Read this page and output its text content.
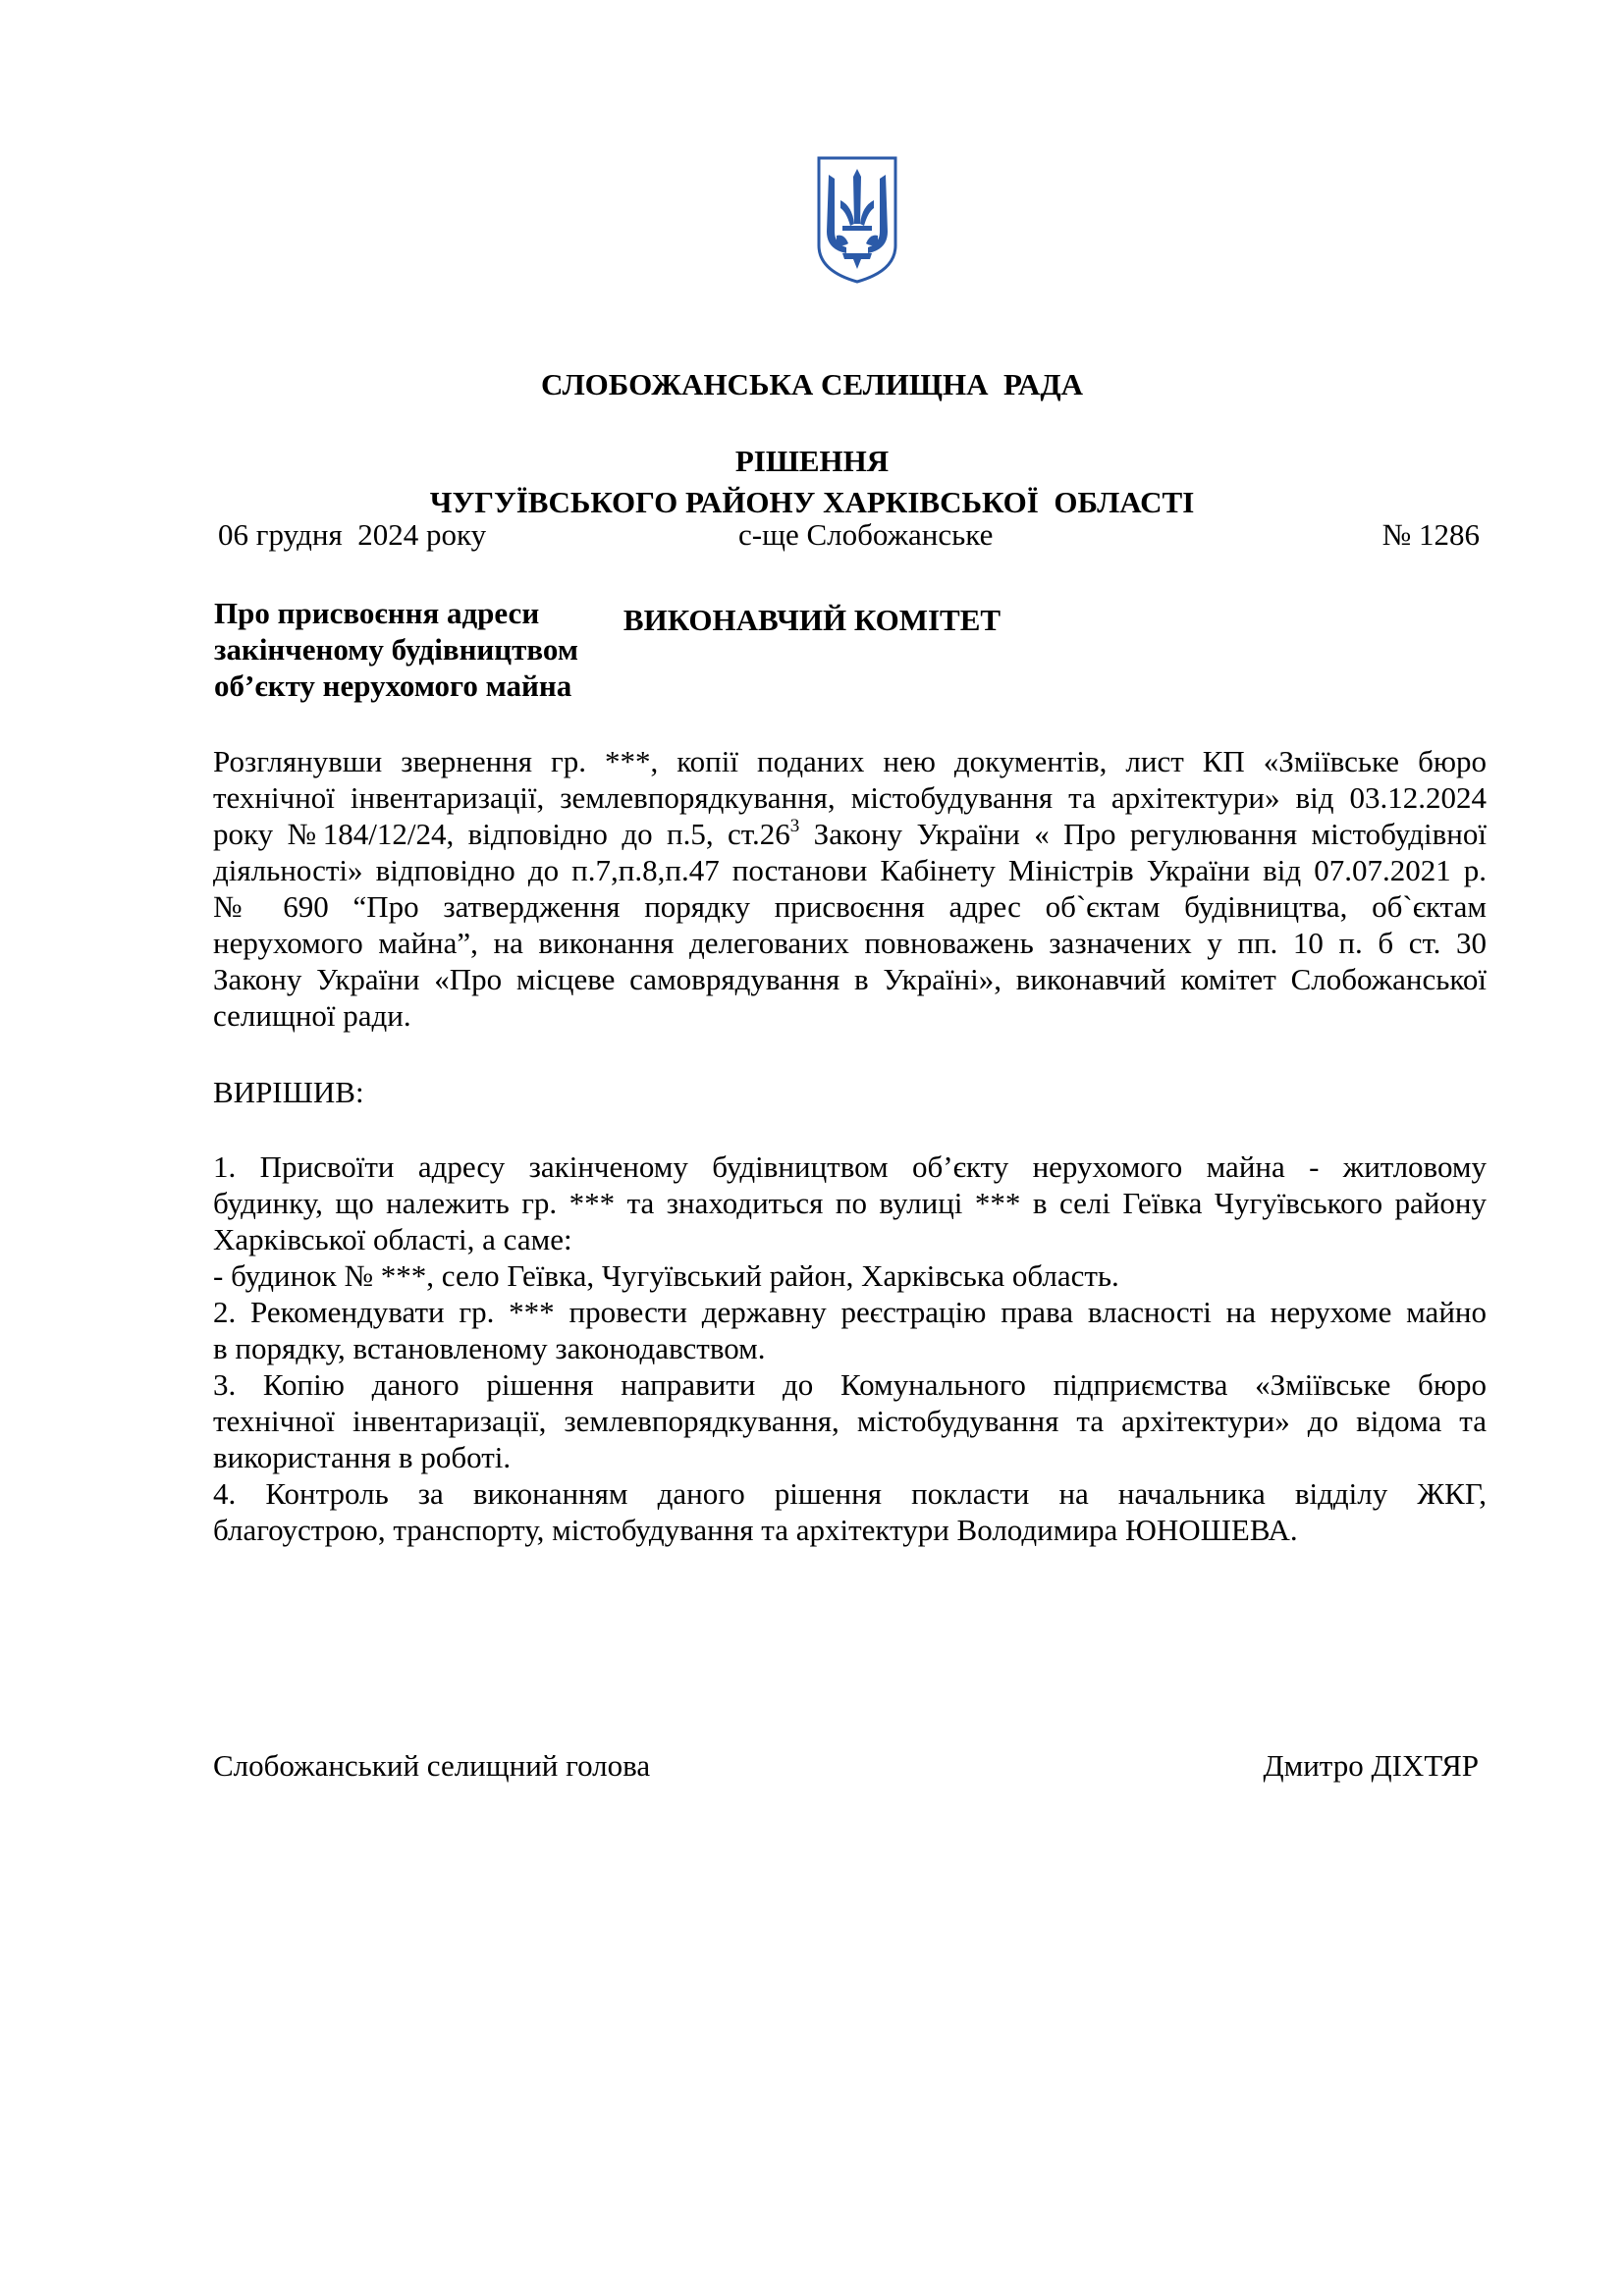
СЛОБОЖАНСЬКА СЕЛИЩНА  РАДА

ЧУГУЇВСЬКОГО РАЙОНУ ХАРКІВСЬКОЇ  ОБЛАСТІ

ВИКОНАВЧИЙ КОМІТЕТ

РІШЕННЯ
06 грудня  2024 року	с-ще Слобожанське	№ 1286
Про присвоєння адреси
закінченому будівництвом
об’єкту нерухомого майна
Розглянувши звернення гр. ***, копії поданих нею документів, лист КП «Зміївське бюро
технічної інвентаризації, землевпорядкування, містобудування та архітектури» від 03.12.2024
року №184/12/24, відповідно до п.5, $ст.26^3$ Закону України « Про регулювання містобудівної
діяльності» відповідно до п.7,п.8,п.47 постанови Кабінету Міністрів України від 07.07.2021 р.
№ 690 “Про затвердження порядку присвоєння адрес об`єктам будівництва, об`єктам
нерухомого майна”, на виконання делегованих повноважень зазначених у пп. 10 п. б ст. 30
Закону України «Про місцеве самоврядування в Україні», виконавчий комітет Слобожанської
селищної ради.
ВИРІШИВ:
1. Присвоїти адресу закінченому будівництвом об’єкту нерухомого майна - житловому
будинку, що належить гр. *** та знаходиться по вулиці *** в селі Геївка Чугуївського району
Харківської області, а саме:
- будинок № ***, село Геївка, Чугуївський район, Харківська область.
2. Рекомендувати гр. *** провести державну реєстрацію права власності на нерухоме майно
в порядку, встановленому законодавством.
3. Копію даного рішення направити до Комунального підприємства «Зміївське бюро
технічної інвентаризації, землевпорядкування, містобудування та архітектури» до відома та
використання в роботі.
4. Контроль за виконанням даного рішення покласти на начальника відділу ЖКГ,
благоустрою, транспорту, містобудування та архітектури Володимира ЮНОШЕВА.
Слобожанський селищний голова	Дмитро ДІХТЯР
